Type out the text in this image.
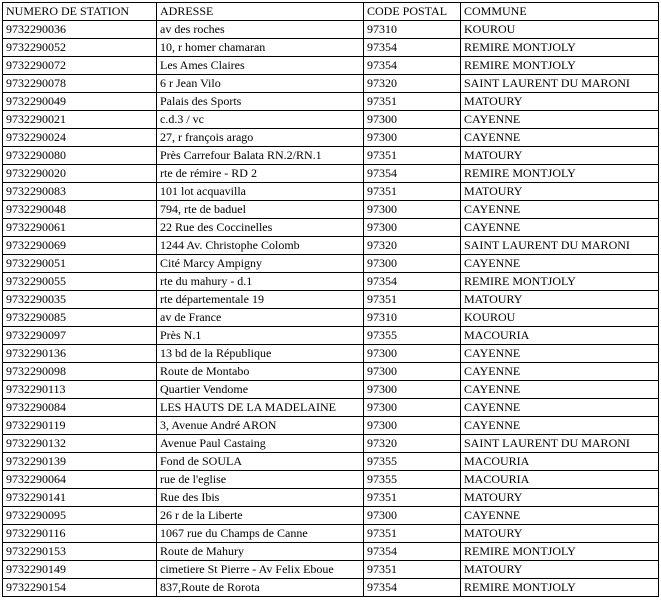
NUMERO DE STATION	ADRESSE	CODE POSTAL	COMMUNE
9732290036	av des roches	97310	KOUROU
9732290052	10, r homer chamaran	97354	REMIRE MONTJOLY
9732290072	Les Ames Claires	97354	REMIRE MONTJOLY
9732290078	6 r Jean Vilo	97320	SAINT LAURENT DU MARONI
9732290049	Palais des Sports	97351	MATOURY
9732290021	c.d.3 / vc	97300	CAYENNE
9732290024	27, r françois arago	97300	CAYENNE
9732290080	Près Carrefour Balata RN.2/RN.1	97351	MATOURY
9732290020	rte de rémire - RD 2	97354	REMIRE MONTJOLY
9732290083	101 lot acquavilla	97351	MATOURY
9732290048	794, rte de baduel	97300	CAYENNE
9732290061	22 Rue des Coccinelles	97300	CAYENNE
9732290069	1244 Av. Christophe Colomb	97320	SAINT LAURENT DU MARONI
9732290051	Cité Marcy Ampigny	97300	CAYENNE
9732290055	rte du mahury - d.1	97354	REMIRE MONTJOLY
9732290035	rte départementale 19	97351	MATOURY
9732290085	av de France	97310	KOUROU
9732290097	Près N.1	97355	MACOURIA
9732290136	13 bd de la République	97300	CAYENNE
9732290098	Route de Montabo	97300	CAYENNE
9732290113	Quartier Vendome	97300	CAYENNE
9732290084	LES HAUTS DE LA MADELAINE	97300	CAYENNE
9732290119	3, Avenue André ARON	97300	CAYENNE
9732290132	Avenue Paul Castaing	97320	SAINT LAURENT DU MARONI
9732290139	Fond de SOULA	97355	MACOURIA
9732290064	rue de l'eglise	97355	MACOURIA
9732290141	Rue des Ibis	97351	MATOURY
9732290095	26 r de la Liberte	97300	CAYENNE
9732290116	1067 rue du Champs de Canne	97351	MATOURY
9732290153	Route de Mahury	97354	REMIRE MONTJOLY
9732290149	cimetiere St Pierre - Av Felix Eboue	97351	MATOURY
9732290154	837,Route de Rorota	97354	REMIRE MONTJOLY
